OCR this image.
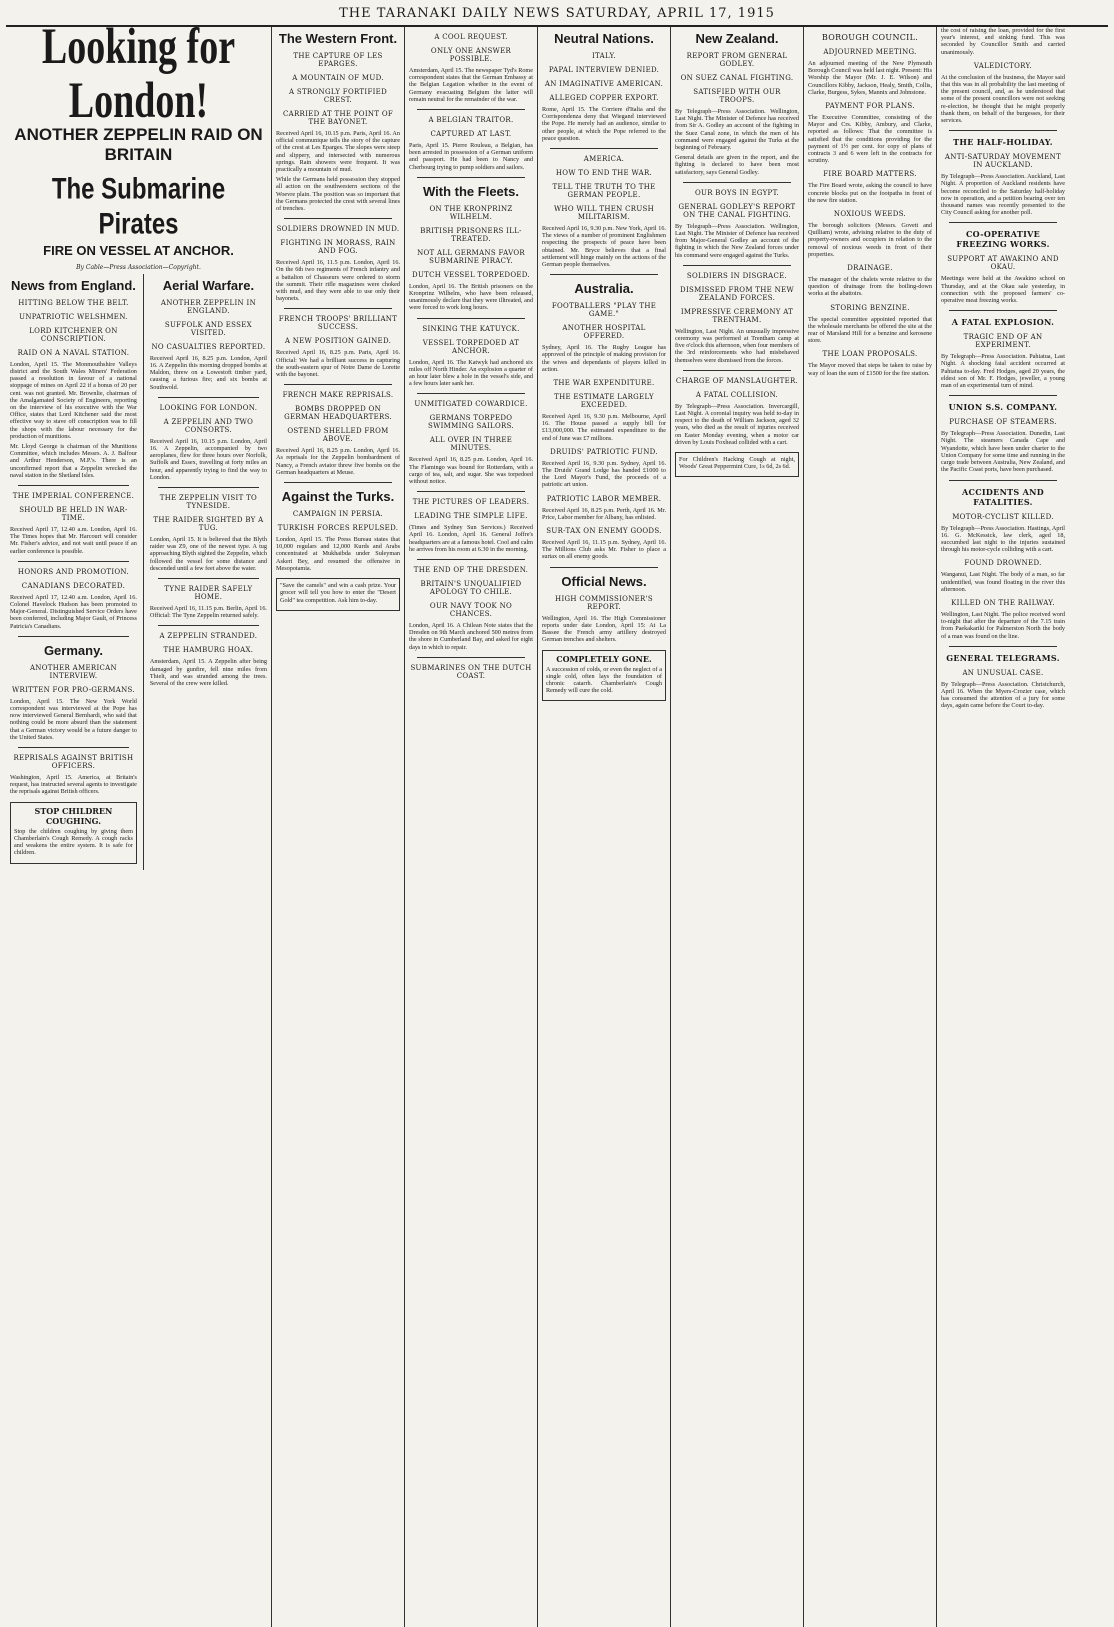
THE TARANAKI DAILY NEWS SATURDAY, APRIL 17, 1915
Looking for London!
ANOTHER ZEPPELIN RAID ON BRITAIN
The Submarine Pirates
FIRE ON VESSEL AT ANCHOR.
By Cable—Press Association—Copyright.
News from England.
HITTING BELOW THE BELT.
UNPATRIOTIC WELSHMEN.
LORD KITCHENER ON CONSCRIPTION.
RAID ON A NAVAL STATION.

London, April 15. The Monmouthshire Valleys district and the South Wales Miners' Federation passed a resolution in favour of a national stoppage of mines on April 22 if a bonus of 20 per cent. was not granted. Mr. Brownlie, chairman of the Amalgamated Society of Engineers, reporting on the interview of his executive with the War Office, states that Lord Kitchener said the most effective way to stave off conscription was to fill the shops with the labour necessary for the production of munitions.

Mr. Lloyd George is chairman of the Munitions Committee, which includes Messrs. A. J. Balfour and Arthur Henderson, M.P.'s. There is an unconfirmed report that a Zeppelin wrecked the naval station in the Shetland Isles.

THE IMPERIAL CONFERENCE.
SHOULD BE HELD IN WAR-TIME.

Received April 17, 12.40 a.m. London, April 16. The Times hopes that Mr. Harcourt will consider Mr. Fisher's advice, and not wait until peace if an earlier conference is possible.

HONORS AND PROMOTION.
CANADIANS DECORATED.

Received April 17, 12.40 a.m. London, April 16. Colonel Havelock Hudson has been promoted to Major-General. Distinguished Service Orders have been conferred, including Major Gault, of Princess Patricia's Canadians.

Germany.
ANOTHER AMERICAN INTERVIEW.
WRITTEN FOR PRO-GERMANS.

London, April 15. The New York World correspondent was interviewed at the Pope has now interviewed General Bernhardi, who said that nothing could be more absurd than the statement that a German victory would be a future danger to the United States.

REPRISALS AGAINST BRITISH OFFICERS.

Washington, April 15. America, at Britain's request, has instructed several agents to investigate the reprisals against British officers.

STOP CHILDREN COUGHING.

Stop the children coughing by giving them Chamberlain's Cough Remedy. A cough racks and weakens the entire system. It is safe for children.

Aerial Warfare.
ANOTHER ZEPPELIN IN ENGLAND.
SUFFOLK AND ESSEX VISITED.
NO CASUALTIES REPORTED.

Received April 16, 8.25 p.m. London, April 16. A Zeppelin this morning dropped bombs at Maldon, threw on a Lowestoft timber yard, causing a furious fire; and six bombs at Southwold.

LOOKING FOR LONDON.
A ZEPPELIN AND TWO CONSORTS.

Received April 16, 10.15 p.m. London, April 16. A Zeppelin, accompanied by two aeroplanes, flew for three hours over Norfolk, Suffolk and Essex, travelling at forty miles an hour, and apparently trying to find the way to London.

THE ZEPPELIN VISIT TO TYNESIDE.
THE RAIDER SIGHTED BY A TUG.

London, April 15. It is believed that the Blyth raider was Z9, one of the newest type. A tug approaching Blyth sighted the Zeppelin, which followed the vessel for some distance and descended until a few feet above the water.

TYNE RAIDER SAFELY HOME.

Received April 16, 11.15 p.m. Berlin, April 16. Official: The Tyne Zeppelin returned safely.

A ZEPPELIN STRANDED.
THE HAMBURG HOAX.

Amsterdam, April 15. A Zeppelin after being damaged by gunfire, fell nine miles from Thielt, and was stranded among the trees. Several of the crew were killed.

The Western Front.
THE CAPTURE OF LES EPARGES.
A MOUNTAIN OF MUD.
A STRONGLY FORTIFIED CREST.
CARRIED AT THE POINT OF THE BAYONET.

Received April 16, 10.15 p.m. Paris, April 16. An official communique tells the story of the capture of the crest at Les Eparges. The slopes were steep and slippery, and intersected with numerous springs. Rain showers were frequent. It was practically a mountain of mud.

While the Germans held possession they stopped all action on the southwestern sections of the Woevre plain. The position was so important that the Germans protected the crest with several lines of trenches.

SOLDIERS DROWNED IN MUD.
FIGHTING IN MORASS, RAIN AND FOG.

Received April 16, 11.5 p.m. London, April 16. On the 6th two regiments of French infantry and a battalion of Chasseurs were ordered to storm the summit. Their rifle magazines were choked with mud, and they were able to use only their bayonets.

FRENCH TROOPS' BRILLIANT SUCCESS.
A NEW POSITION GAINED.

Received April 16, 8.25 p.m. Paris, April 16. Official: We had a brilliant success in capturing the south-eastern spur of Notre Dame de Lorette with the bayonet.

FRENCH MAKE REPRISALS.
BOMBS DROPPED ON GERMAN HEADQUARTERS.
OSTEND SHELLED FROM ABOVE.

Received April 16, 8.25 p.m. London, April 16. As reprisals for the Zeppelin bombardment of Nancy, a French aviator threw five bombs on the German headquarters at Meuse.

Against the Turks.
CAMPAIGN IN PERSIA.
TURKISH FORCES REPULSED.

London, April 15. The Press Bureau states that 10,000 regulars and 12,000 Kurds and Arabs concentrated at Mukhaibda under Suleyman Askeri Bey, and resumed the offensive in Mesopotamia.

"Save the camels" and win a cash prize. Your grocer will tell you how to enter the "Desert Gold" tea competition. Ask him to-day.

A COOL REQUEST.
ONLY ONE ANSWER POSSIBLE.

Amsterdam, April 15. The newspaper Tyd's Rome correspondent states that the German Embassy at the Belgian Legation whether in the event of Germany evacuating Belgium the latter will remain neutral for the remainder of the war.

A BELGIAN TRAITOR.
CAPTURED AT LAST.

Paris, April 15. Pierre Rouleau, a Belgian, has been arrested in possession of a German uniform and passport. He had been to Nancy and Cherbourg trying to pump soldiers and sailors.

With the Fleets.
ON THE KRONPRINZ WILHELM.
BRITISH PRISONERS ILL-TREATED.
NOT ALL GERMANS FAVOR SUBMARINE PIRACY.
DUTCH VESSEL TORPEDOED.

London, April 16. The British prisoners on the Kronprinz Wilhelm, who have been released, unanimously declare that they were illtreated, and were forced to work long hours.

SINKING THE KATUYCK.
VESSEL TORPEDOED AT ANCHOR.

London, April 16. The Katwyk had anchored six miles off North Hinder. An explosion a quarter of an hour later blew a hole in the vessel's side, and a few hours later sank her.

UNMITIGATED COWARDICE.
GERMANS TORPEDO SWIMMING SAILORS.
ALL OVER IN THREE MINUTES.

Received April 16, 8.25 p.m. London, April 16. The Flamingo was bound for Rotterdam, with a cargo of tea, salt, and sugar. She was torpedoed without notice.

THE PICTURES OF LEADERS.
LEADING THE SIMPLE LIFE.

(Times and Sydney Sun Services.) Received April 16. London, April 16. General Joffre's headquarters are at a famous hotel. Cool and calm he arrives from his room at 6.30 in the morning.

THE END OF THE DRESDEN.
BRITAIN'S UNQUALIFIED APOLOGY TO CHILE.
OUR NAVY TOOK NO CHANCES.

London, April 16. A Chilean Note states that the Dresden on 9th March anchored 500 metres from the shore in Cumberland Bay, and asked for eight days in which to repair.

SUBMARINES ON THE DUTCH COAST.
Neutral Nations.
ITALY.
PAPAL INTERVIEW DENIED.
AN IMAGINATIVE AMERICAN.
ALLEGED COPPER EXPORT.

Rome, April 15. The Corriere d'Italia and the Corrispondenza deny that Wiegand interviewed the Pope. He merely had an audience, similar to other people, at which the Pope referred to the peace question.

AMERICA.
HOW TO END THE WAR.
TELL THE TRUTH TO THE GERMAN PEOPLE.
WHO WILL THEN CRUSH MILITARISM.

Received April 16, 9.30 p.m. New York, April 16. The views of a number of prominent Englishmen respecting the prospects of peace have been obtained. Mr. Bryce believes that a final settlement will hinge mainly on the actions of the German people themselves.

Australia.
FOOTBALLERS "PLAY THE GAME."
ANOTHER HOSPITAL OFFERED.

Sydney, April 16. The Rugby League has approved of the principle of making provision for the wives and dependants of players killed in action.

THE WAR EXPENDITURE.
THE ESTIMATE LARGELY EXCEEDED.

Received April 16, 9.30 p.m. Melbourne, April 16. The House passed a supply bill for £13,000,000. The estimated expenditure to the end of June was £7 millions.

DRUIDS' PATRIOTIC FUND.

Received April 16, 9.30 p.m. Sydney, April 16. The Druids' Grand Lodge has handed £1000 to the Lord Mayor's Fund, the proceeds of a patriotic art union.

PATRIOTIC LABOR MEMBER.

Received April 16, 8.25 p.m. Perth, April 16. Mr. Price, Labor member for Albany, has enlisted.

SUR-TAX ON ENEMY GOODS.

Received April 16, 11.15 p.m. Sydney, April 16. The Millions Club asks Mr. Fisher to place a surtax on all enemy goods.

Official News.
HIGH COMMISSIONER'S REPORT.

Wellington, April 16. The High Commissioner reports under date London, April 15: At La Bassee the French army artillery destroyed German trenches and shelters.

COMPLETELY GONE.

A succession of colds, or even the neglect of a single cold, often lays the foundation of chronic catarrh. Chamberlain's Cough Remedy will cure the cold.

New Zealand.
REPORT FROM GENERAL GODLEY.
ON SUEZ CANAL FIGHTING.
SATISFIED WITH OUR TROOPS.

By Telegraph—Press Association. Wellington, Last Night. The Minister of Defence has received from Sir A. Godley an account of the fighting in the Suez Canal zone, in which the men of his command were engaged against the Turks at the beginning of February.

General details are given in the report, and the fighting is declared to have been most satisfactory, says General Godley.

OUR BOYS IN EGYPT.
GENERAL GODLEY'S REPORT ON THE CANAL FIGHTING.

By Telegraph—Press Association. Wellington, Last Night. The Minister of Defence has received from Major-General Godley an account of the fighting in which the New Zealand forces under his command were engaged against the Turks.

SOLDIERS IN DISGRACE.
DISMISSED FROM THE NEW ZEALAND FORCES.
IMPRESSIVE CEREMONY AT TRENTHAM.

Wellington, Last Night. An unusually impressive ceremony was performed at Trentham camp at five o'clock this afternoon, when four members of the 3rd reinforcements who had misbehaved themselves were dismissed from the forces.

CHARGE OF MANSLAUGHTER.
A FATAL COLLISION.

By Telegraph—Press Association. Invercargill, Last Night. A coronial inquiry was held to-day in respect to the death of William Jackson, aged 32 years, who died as the result of injuries received on Easter Monday evening, when a motor car driven by Louis Foxhead collided with a cart.

For Children's Hacking Cough at night, Woods' Great Peppermint Cure, 1s 6d, 2s 6d.

BOROUGH COUNCIL.
ADJOURNED MEETING.

An adjourned meeting of the New Plymouth Borough Council was held last night. Present: His Worship the Mayor (Mr. J. E. Wilson) and Councillors Kibby, Jackson, Healy, Smith, Collis, Clarke, Burgess, Sykes, Mannix and Johnstone.

PAYMENT FOR PLANS.

The Executive Committee, consisting of the Mayor and Crs. Kibby, Ambury, and Clarke, reported as follows: That the committee is satisfied that the conditions providing for the payment of 1½ per cent. for copy of plans of contracts 3 and 6 were left in the contracts for scrutiny.

FIRE BOARD MATTERS.

The Fire Board wrote, asking the council to have concrete blocks put on the footpaths in front of the new fire station.

NOXIOUS WEEDS.

The borough solicitors (Messrs. Govett and Quilliam) wrote, advising relative to the duty of property-owners and occupiers in relation to the removal of noxious weeds in front of their properties.

DRAINAGE.

The manager of the chalets wrote relative to the question of drainage from the boiling-down works at the abattoirs.

STORING BENZINE.

The special committee appointed reported that the wholesale merchants be offered the site at the rear of Marsland Hill for a benzine and kerosene store.

THE LOAN PROPOSALS.

The Mayor moved that steps be taken to raise by way of loan the sum of £1500 for the fire station.

the cost of raising the loan, provided for the first year's interest, and sinking fund. This was seconded by Councillor Smith and carried unanimously.

VALEDICTORY.

At the conclusion of the business, the Mayor said that this was in all probability the last meeting of the present council, and, as he understood that some of the present councillors were not seeking re-election, he thought that he might properly thank them, on behalf of the burgesses, for their services.

THE HALF-HOLIDAY.
ANTI-SATURDAY MOVEMENT IN AUCKLAND.

By Telegraph—Press Association. Auckland, Last Night. A proportion of Auckland residents have become reconciled to the Saturday half-holiday now in operation, and a petition bearing over ten thousand names was recently presented to the City Council asking for another poll.

CO-OPERATIVE FREEZING WORKS.
SUPPORT AT AWAKINO AND OKAU.

Meetings were held at the Awakino school on Thursday, and at the Okau sale yesterday, in connection with the proposed farmers' co-operative meat freezing works.

A FATAL EXPLOSION.
TRAGIC END OF AN EXPERIMENT.

By Telegraph—Press Association. Pahiatua, Last Night. A shocking fatal accident occurred at Pahiatua to-day. Fred Hodges, aged 20 years, the eldest son of Mr. F. Hodges, jeweller, a young man of an experimental turn of mind.

UNION S.S. COMPANY.
PURCHASE OF STEAMERS.

By Telegraph—Press Association. Dunedin, Last Night. The steamers Canada Cape and Wyandotte, which have been under charter to the Union Company for some time and running in the cargo trade between Australia, New Zealand, and the Pacific Coast ports, have been purchased.

ACCIDENTS AND FATALITIES.
MOTOR-CYCLIST KILLED.

By Telegraph—Press Association. Hastings, April 16. G. McKessick, law clerk, aged 18, succumbed last night to the injuries sustained through his motor-cycle colliding with a cart.

FOUND DROWNED.

Wanganui, Last Night. The body of a man, so far unidentified, was found floating in the river this afternoon.

KILLED ON THE RAILWAY.

Wellington, Last Night. The police received word to-night that after the departure of the 7.15 train from Paekakariki for Palmerston North the body of a man was found on the line.

GENERAL TELEGRAMS.
AN UNUSUAL CASE.

By Telegraph—Press Association. Christchurch, April 16. When the Myers-Crozier case, which has consumed the attention of a jury for some days, again came before the Court to-day.
